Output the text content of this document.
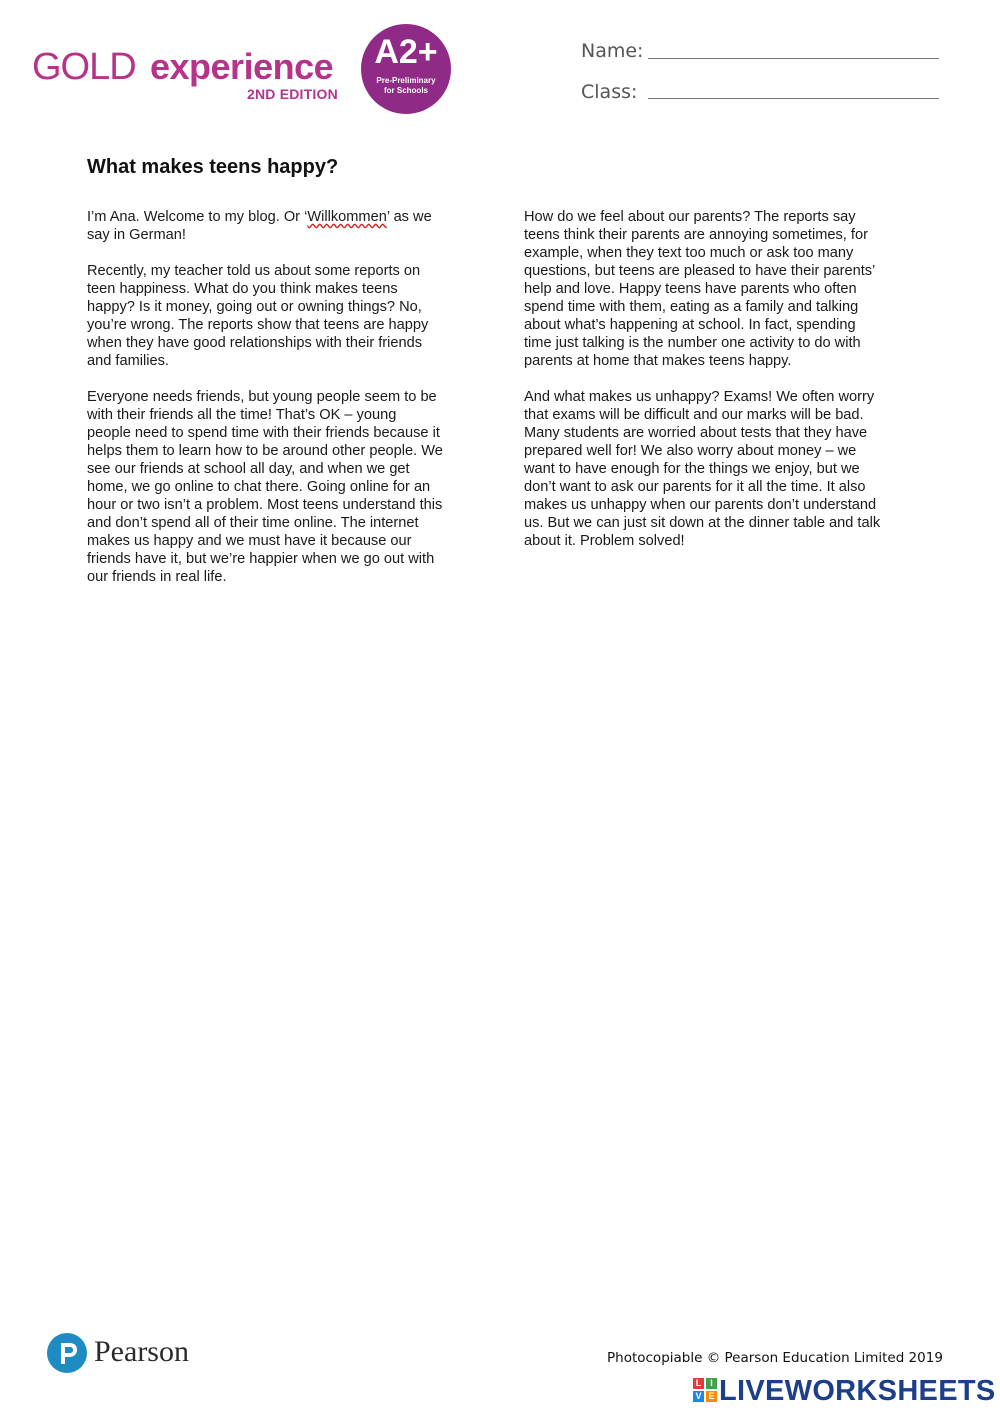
GOLD experience
2ND EDITION
A2+
Pre-Preliminary
for Schools
Name:
Class:
What makes teens happy?

I’m Ana. Welcome to my blog. Or ‘Willkommen’ as we
say in German!

Recently, my teacher told us about some reports on
teen happiness. What do you think makes teens
happy? Is it money, going out or owning things? No,
you’re wrong. The reports show that teens are happy
when they have good relationships with their friends
and families.

Everyone needs friends, but young people seem to be
with their friends all the time! That’s OK – young
people need to spend time with their friends because it
helps them to learn how to be around other people. We
see our friends at school all day, and when we get
home, we go online to chat there. Going online for an
hour or two isn’t a problem. Most teens understand this
and don’t spend all of their time online. The internet
makes us happy and we must have it because our
friends have it, but we’re happier when we go out with
our friends in real life.

How do we feel about our parents? The reports say
teens think their parents are annoying sometimes, for
example, when they text too much or ask too many
questions, but teens are pleased to have their parents’
help and love. Happy teens have parents who often
spend time with them, eating as a family and talking
about what’s happening at school. In fact, spending
time just talking is the number one activity to do with
parents at home that makes teens happy.

And what makes us unhappy? Exams! We often worry
that exams will be difficult and our marks will be bad.
Many students are worried about tests that they have
prepared well for! We also worry about money – we
want to have enough for the things we enjoy, but we
don’t want to ask our parents for it all the time. It also
makes us unhappy when our parents don’t understand
us. But we can just sit down at the dinner table and talk
about it. Problem solved!

Pearson	Photocopiable © Pearson Education Limited 2019
L I
V E LIVEWORKSHEETS
